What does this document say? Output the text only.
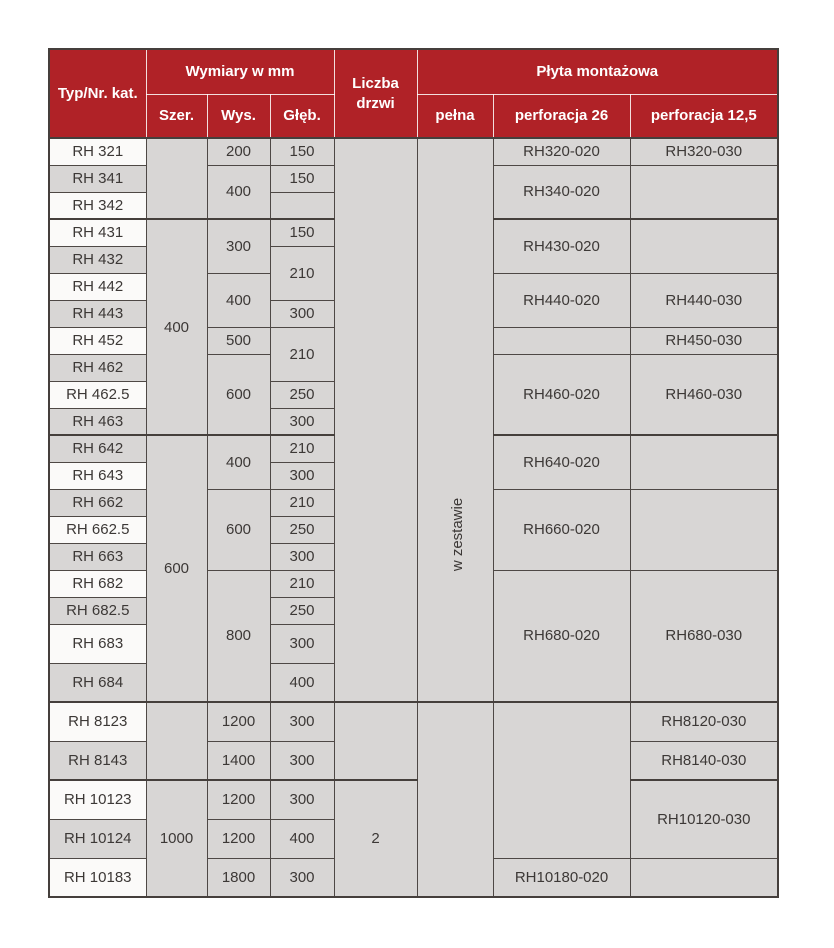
Typ/Nr. kat.	Wymiary w mm			Liczba drzwi	Płyta montażowa		
	Szer.	Wys.	Głęb.		pełna	perforacja 26	perforacja 12,5
RH 321		200	150		w zestawie	RH320-020	RH320-030
RH 341		400	150			RH340-020	
RH 342							
RH 431	400	300	150			RH430-020	
RH 432			210				
RH 442		400				RH440-020	RH440-030
RH 443			300				
RH 452		500	210				RH450-030
RH 462		600				RH460-020	RH460-030
RH 462.5			250				
RH 463			300				
RH 642	600	400	210			RH640-020	
RH 643			300				
RH 662		600	210			RH660-020	
RH 662.5			250				
RH 663			300				
RH 682		800	210			RH680-020	RH680-030
RH 682.5			250				
RH 683			300				
RH 684			400				
RH 8123		1200	300				RH8120-030
RH 8143		1400	300				RH8140-030
RH 10123	1000	1200	300	2			RH10120-030
RH 10124		1200	400				
RH 10183		1800	300			RH10180-020	
